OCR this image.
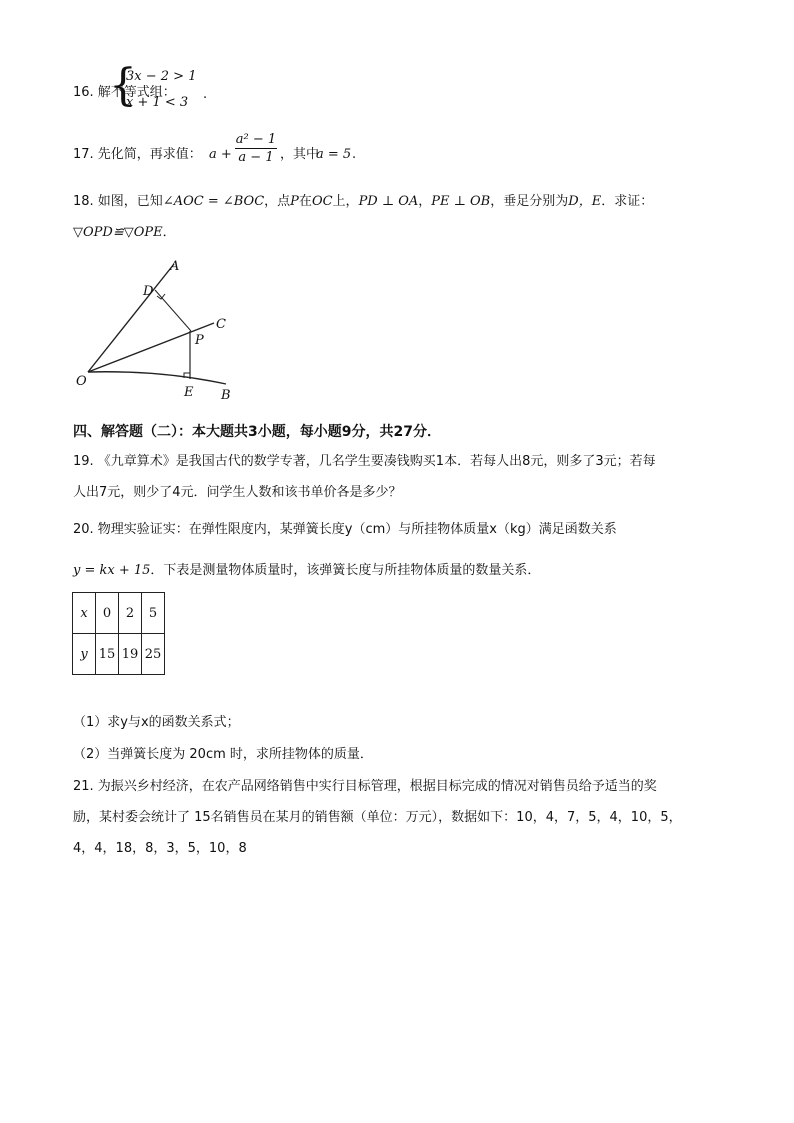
16. 解不等式组：
{
3x − 2 > 1
x + 1 < 3
.
17. 先化简，再求值： a +
a² − 1
a − 1 ，其中
a = 5 .
18. 如图，已知∠AOC = ∠BOC，点P在OC上，PD ⊥ OA，PE ⊥ OB，垂足分别为D，E．求证：
▽OPD≌▽OPE．
A
D
C
P
O
E B
四、解答题（二）：本大题共3小题，每小题9分，共27分．
19. 《九章算术》是我国古代的数学专著，几名学生要凑钱购买1本．若每人出8元，则多了3元；若每
人出7元，则少了4元．问学生人数和该书单价各是多少？
20. 物理实验证实：在弹性限度内，某弹簧长度y（cm）与所挂物体质量x（kg）满足函数关系
y = kx + 15．下表是测量物体质量时，该弹簧长度与所挂物体质量的数量关系．
x	0	2	5
y	15	19	25
（1）求y与x的函数关系式；
（2）当弹簧长度为 20cm 时，求所挂物体的质量．
21. 为振兴乡村经济，在农产品网络销售中实行目标管理，根据目标完成的情况对销售员给予适当的奖
励，某村委会统计了 15名销售员在某月的销售额（单位：万元），数据如下：10，4，7，5，4，10，5，
4，4，18，8，3，5，10，8
